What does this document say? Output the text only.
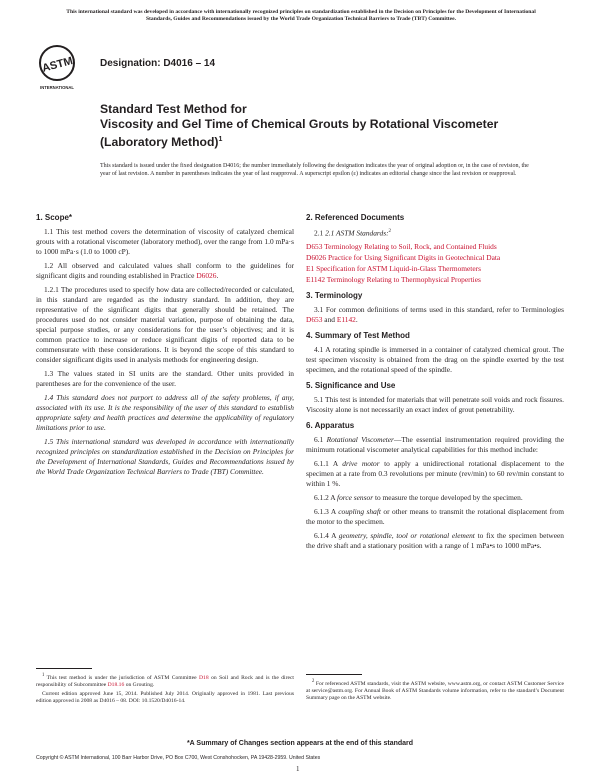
This international standard was developed in accordance with internationally recognized principles on standardization established in the Decision on Principles for the Development of International Standards, Guides and Recommendations issued by the World Trade Organization Technical Barriers to Trade (TBT) Committee.
ASTM
INTERNATIONAL
Designation: D4016 – 14
Standard Test Method for
Viscosity and Gel Time of Chemical Grouts by Rotational Viscometer (Laboratory Method)$^1$
This standard is issued under the fixed designation D4016; the number immediately following the designation indicates the year of original adoption or, in the case of revision, the year of last revision. A number in parentheses indicates the year of last reapproval. A superscript epsilon (ε) indicates an editorial change since the last revision or reapproval.
1. Scope*

1.1 This test method covers the determination of viscosity of catalyzed chemical grouts with a rotational viscometer (laboratory method), over the range from 1.0 mPa·s to 1000 mPa·s (1.0 to 1000 cP).

1.2 All observed and calculated values shall conform to the guidelines for significant digits and rounding established in Practice D6026.

1.2.1 The procedures used to specify how data are collected/recorded or calculated, in this standard are regarded as the industry standard. In addition, they are representative of the significant digits that generally should be retained. The procedures used do not consider material variation, purpose of obtaining the data, special purpose studies, or any considerations for the user’s objectives; and it is common practice to increase or reduce significant digits of reported data to be commensurate with these considerations. It is beyond the scope of this standard to consider significant digits used in analysis methods for engineering design.

1.3 The values stated in SI units are the standard. Other units provided in parentheses are for the convenience of the user.

1.4 This standard does not purport to address all of the safety problems, if any, associated with its use. It is the responsibility of the user of this standard to establish appropriate safety and health practices and determine the applicability of regulatory limitations prior to use.

1.5 This international standard was developed in accordance with internationally recognized principles on standardization established in the Decision on Principles for the Development of International Standards, Guides and Recommendations issued by the World Trade Organization Technical Barriers to Trade (TBT) Committee.

$^1$ This test method is under the jurisdiction of ASTM Committee D18 on Soil and Rock and is the direct responsibility of Subcommittee D18.16 on Grouting.

Current edition approved June 15, 2014. Published July 2014. Originally approved in 1981. Last previous edition approved in 2008 as D4016 – 08. DOI: 10.1520/D4016-14.

2. Referenced Documents

2.1 2.1 ASTM Standards:$^2$

D653 Terminology Relating to Soil, Rock, and Contained Fluids
D6026 Practice for Using Significant Digits in Geotechnical Data
E1 Specification for ASTM Liquid-in-Glass Thermometers
E1142 Terminology Relating to Thermophysical Properties
3. Terminology

3.1 For common definitions of terms used in this standard, refer to Terminologies D653 and E1142.

4. Summary of Test Method

4.1 A rotating spindle is immersed in a container of catalyzed chemical grout. The test specimen viscosity is obtained from the drag on the spindle exerted by the test specimen, and the rotational speed of the spindle.

5. Significance and Use

5.1 This test is intended for materials that will penetrate soil voids and rock fissures. Viscosity alone is not necessarily an exact index of grout penetrability.

6. Apparatus

6.1 Rotational Viscometer—The essential instrumentation required providing the minimum rotational viscometer analytical capabilities for this method include:

6.1.1 A drive motor to apply a unidirectional rotational displacement to the specimen at a rate from 0.3 revolutions per minute (rev/min) to 60 rev/min constant to within 1 %.

6.1.2 A force sensor to measure the torque developed by the specimen.

6.1.3 A coupling shaft or other means to transmit the rotational displacement from the motor to the specimen.

6.1.4 A geometry, spindle, tool or rotational element to fix the specimen between the drive shaft and a stationary position with a range of 1 mPa•s to 1000 mPa•s.

$^2$ For referenced ASTM standards, visit the ASTM website, www.astm.org, or contact ASTM Customer Service at service@astm.org. For Annual Book of ASTM Standards volume information, refer to the standard’s Document Summary page on the ASTM website.

*A Summary of Changes section appears at the end of this standard
Copyright © ASTM International, 100 Barr Harbor Drive, PO Box C700, West Conshohocken, PA 19428-2959. United States
1
